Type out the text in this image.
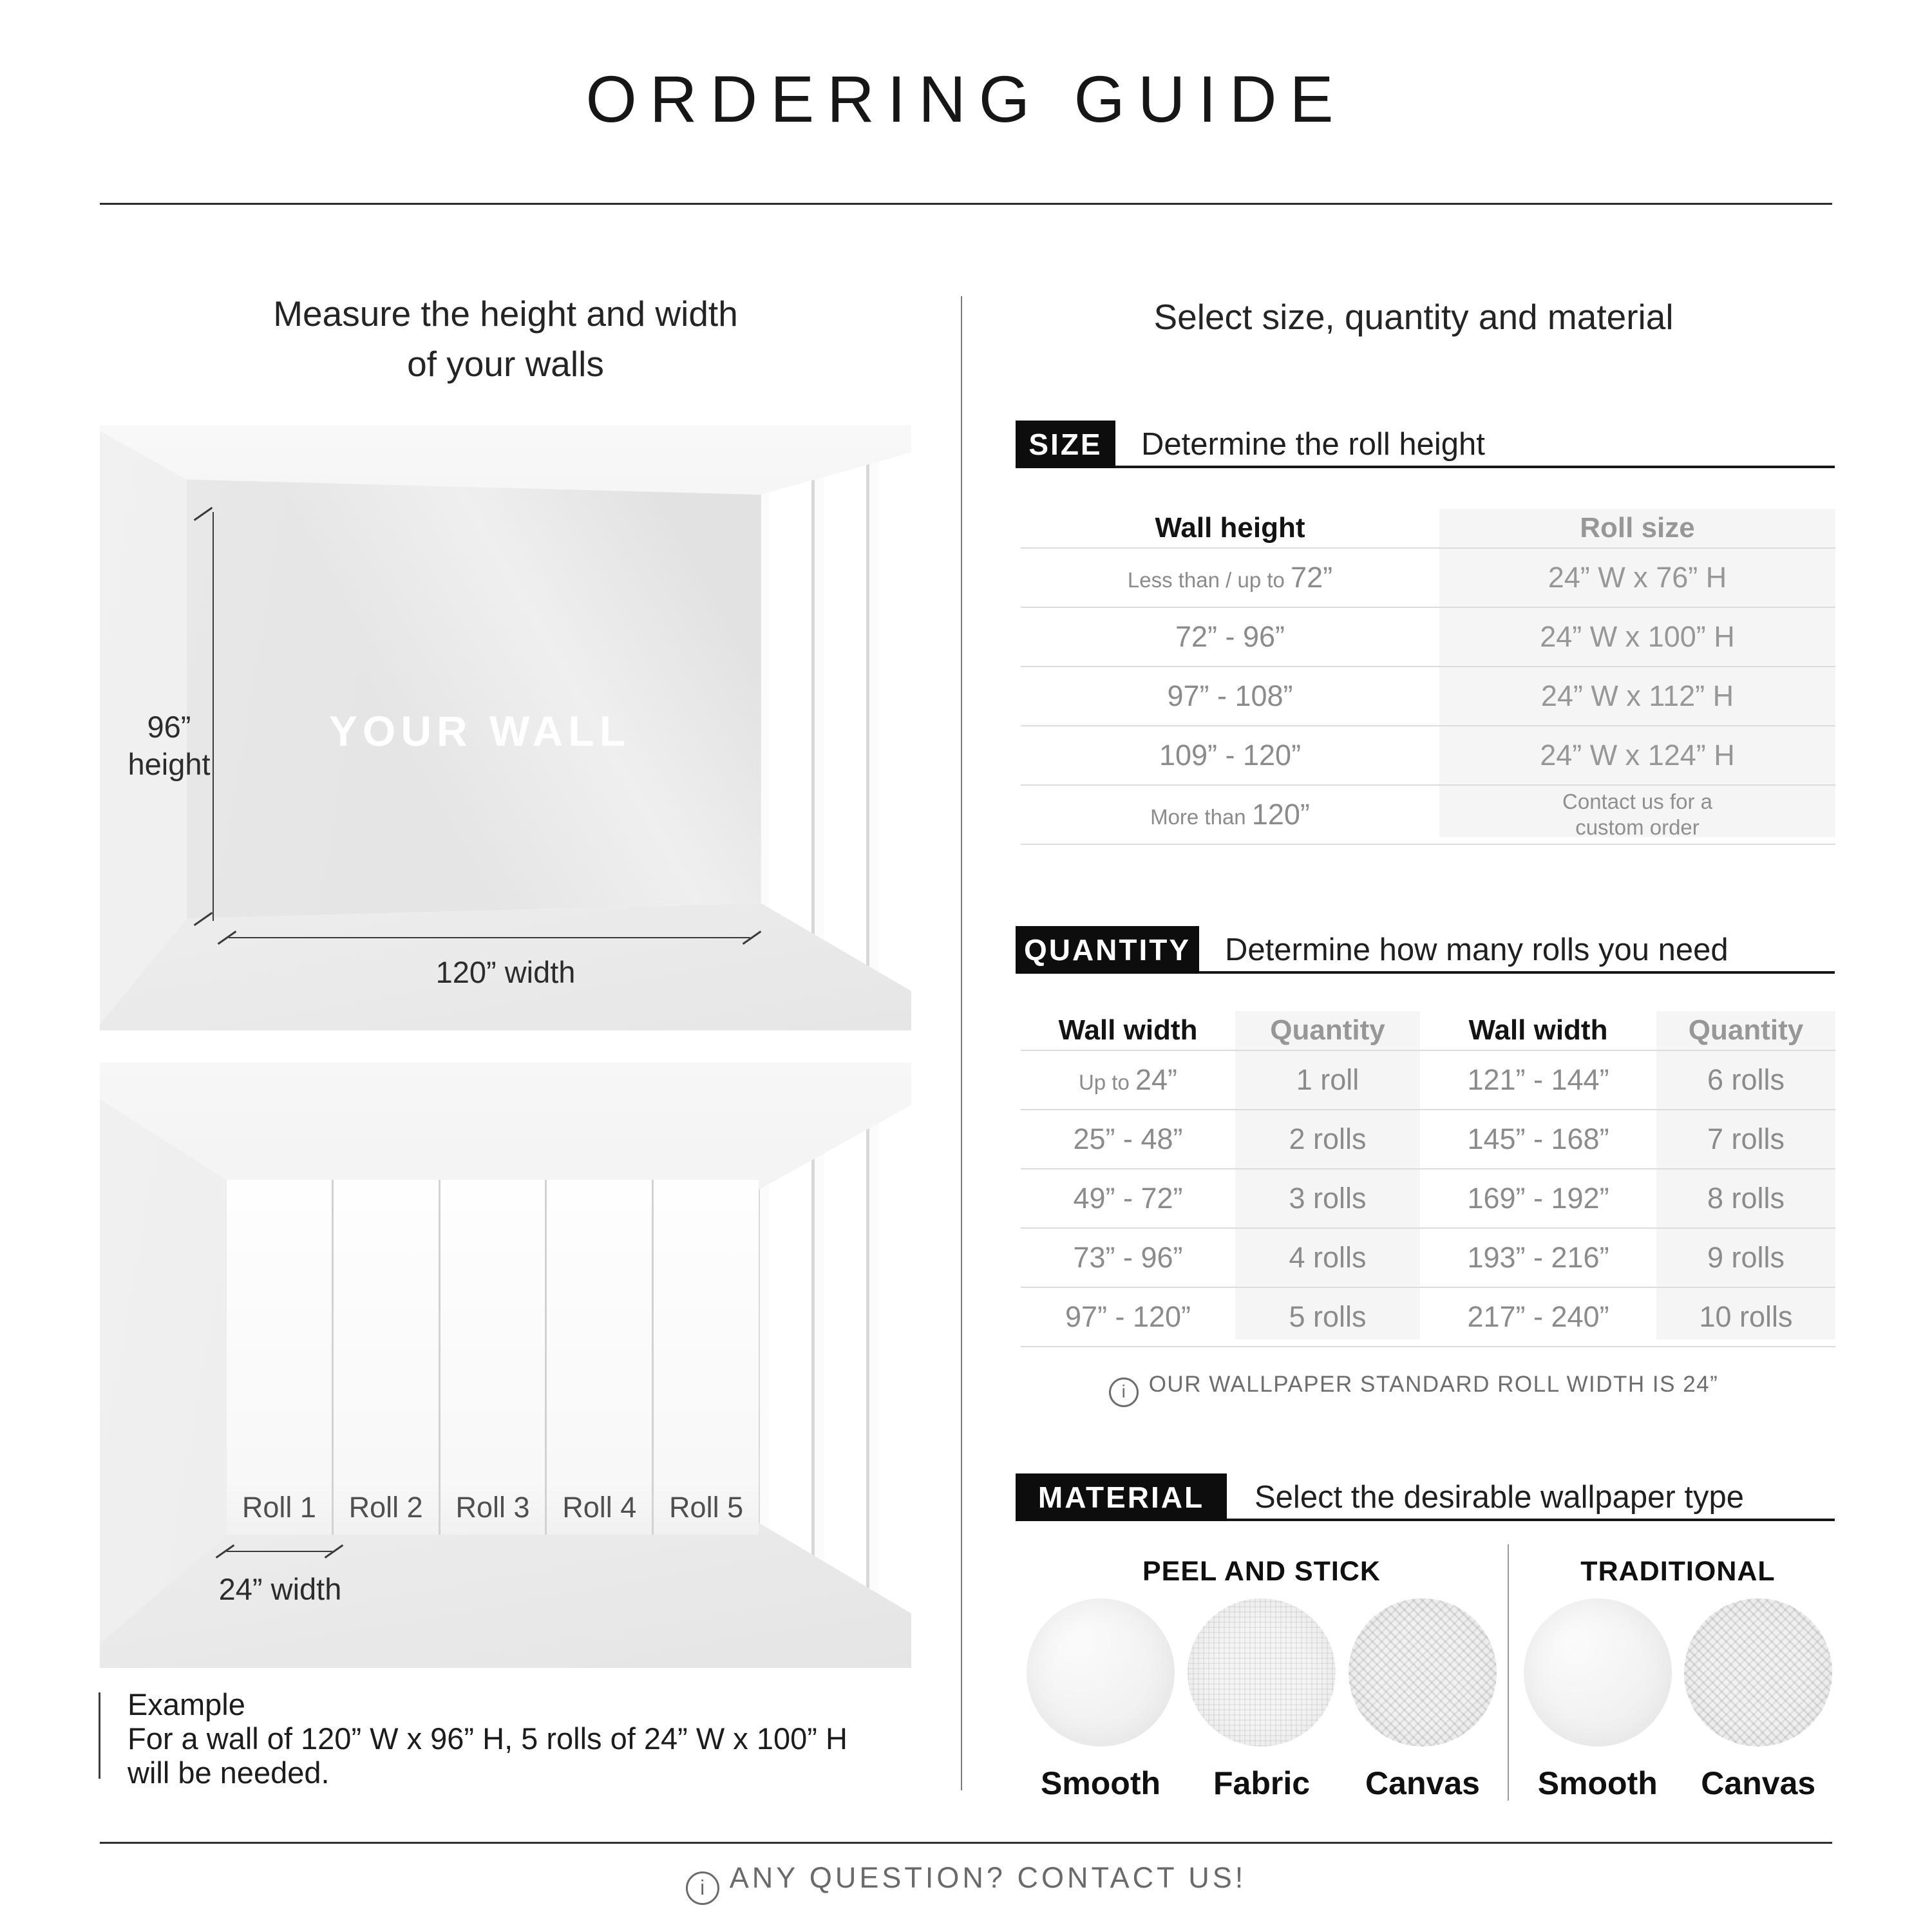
ORDERING GUIDE
Measure the height and width
of your walls
Select size, quantity and material
YOUR WALL
96”
height
120” width
Roll 1	Roll 2	Roll 3	Roll 4	Roll 5
24” width
Example
For a wall of 120” W x 96” H, 5 rolls of 24” W x 100” H
will be needed.
SIZE	Determine the roll height
Wall height	Roll size
Less than / up to 72”	24” W x 76” H
72” - 96”	24” W x 100” H
97” - 108”	24” W x 112” H
109” - 120”	24” W x 124” H
More than 120”	Contact us for a
custom order
QUANTITY Determine how many rolls you need
Wall width	Quantity	Wall width	Quantity
Up to 24”	1 roll	121” - 144”	6 rolls
25” - 48”	2 rolls	145” - 168”	7 rolls
49” - 72”	3 rolls	169” - 192”	8 rolls
73” - 96”	4 rolls	193” - 216”	9 rolls
97” - 120”	5 rolls	217” - 240”	10 rolls
i OUR WALLPAPER STANDARD ROLL WIDTH IS 24”
MATERIAL	Select the desirable wallpaper type
PEEL AND STICK	TRADITIONAL
Smooth Fabric Canvas Smooth Canvas
i ANY QUESTION? CONTACT US!
